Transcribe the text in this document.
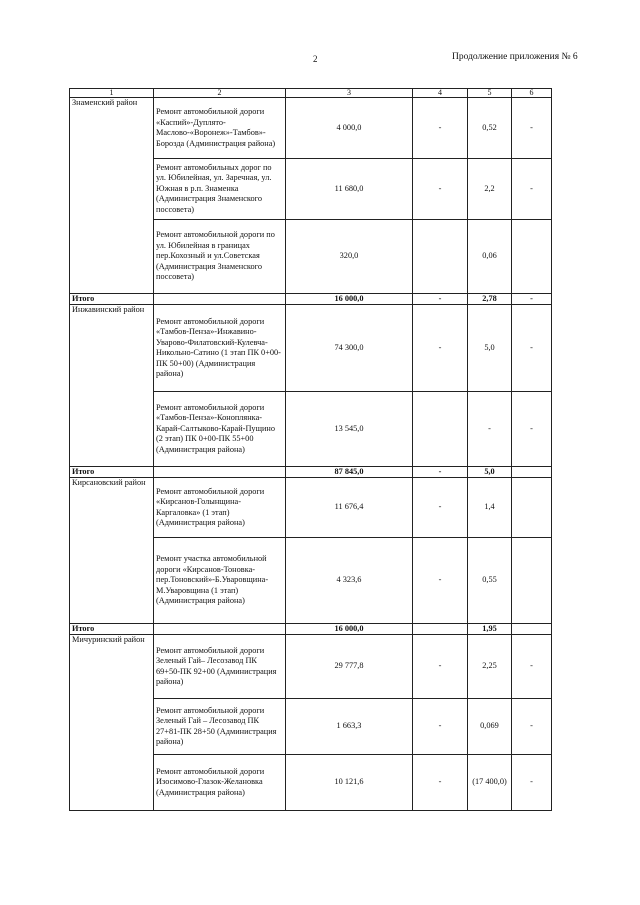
2	Продолжение приложения № 6
1	2	3	4	5	6
Знаменский район	Ремонт автомобильной дороги «Каспий»-Дуплято-Маслово-«Воронеж»-Тамбов»-Бороздa (Администрация района)	4 000,0	-	0,52	-
	Ремонт автомобильных дорог по ул. Юбилейная, ул. Заречная, ул. Южная в р.п. Знаменка (Администрация Знаменского поссовета)	11 680,0	-	2,2	-
	Ремонт автомобильной дороги по ул. Юбилейная в границах пер.Кохозный и ул.Советская (Администрация Знаменского поссовета)	320,0		0,06	
Итого		16 000,0	-	2,78	-
Инжавинский район	Ремонт автомобильной дороги «Тамбов-Пенза»-Инжавино-Уварово-Филатовский-Кулевча-Никольно-Сатино (1 этап ПК 0+00-ПК 50+00) (Администрация района)	74 300,0	-	5,0	-
	Ремонт автомобильной дороги «Тамбов-Пенза»-Коноплянка-Карай-Салтыково-Карай-Пущино (2 этап) ПК 0+00-ПК 55+00 (Администрация района)	13 545,0		-	-
Итого		87 845,0	-	5,0	
Кирсановский район	Ремонт автомобильной дороги «Кирсанов-Голынщина-Каргаловка» (1 этап) (Администрация района)	11 676,4	-	1,4	
	Ремонт участка автомобильной дороги «Кирсанов-Тоновка-пер.Тоновский»-Б.Уваровщина-М.Уваровщина (1 этап) (Администрация района)	4 323,6	-	0,55	
Итого		16 000,0		1,95	
Мичуринский район	Ремонт автомобильной дороги Зеленый Гай– Лесозавод ПК 69+50-ПК 92+00 (Администрация района)	29 777,8	-	2,25	-
	Ремонт автомобильной дороги Зеленый Гай – Лесозавод ПК 27+81-ПК 28+50 (Администрация района)	1 663,3	-	0,069	-
	Ремонт автомобильной дороги Изосимово-Глазок-Желановка (Администрация района)	10 121,6	-	(17 400,0)	-
